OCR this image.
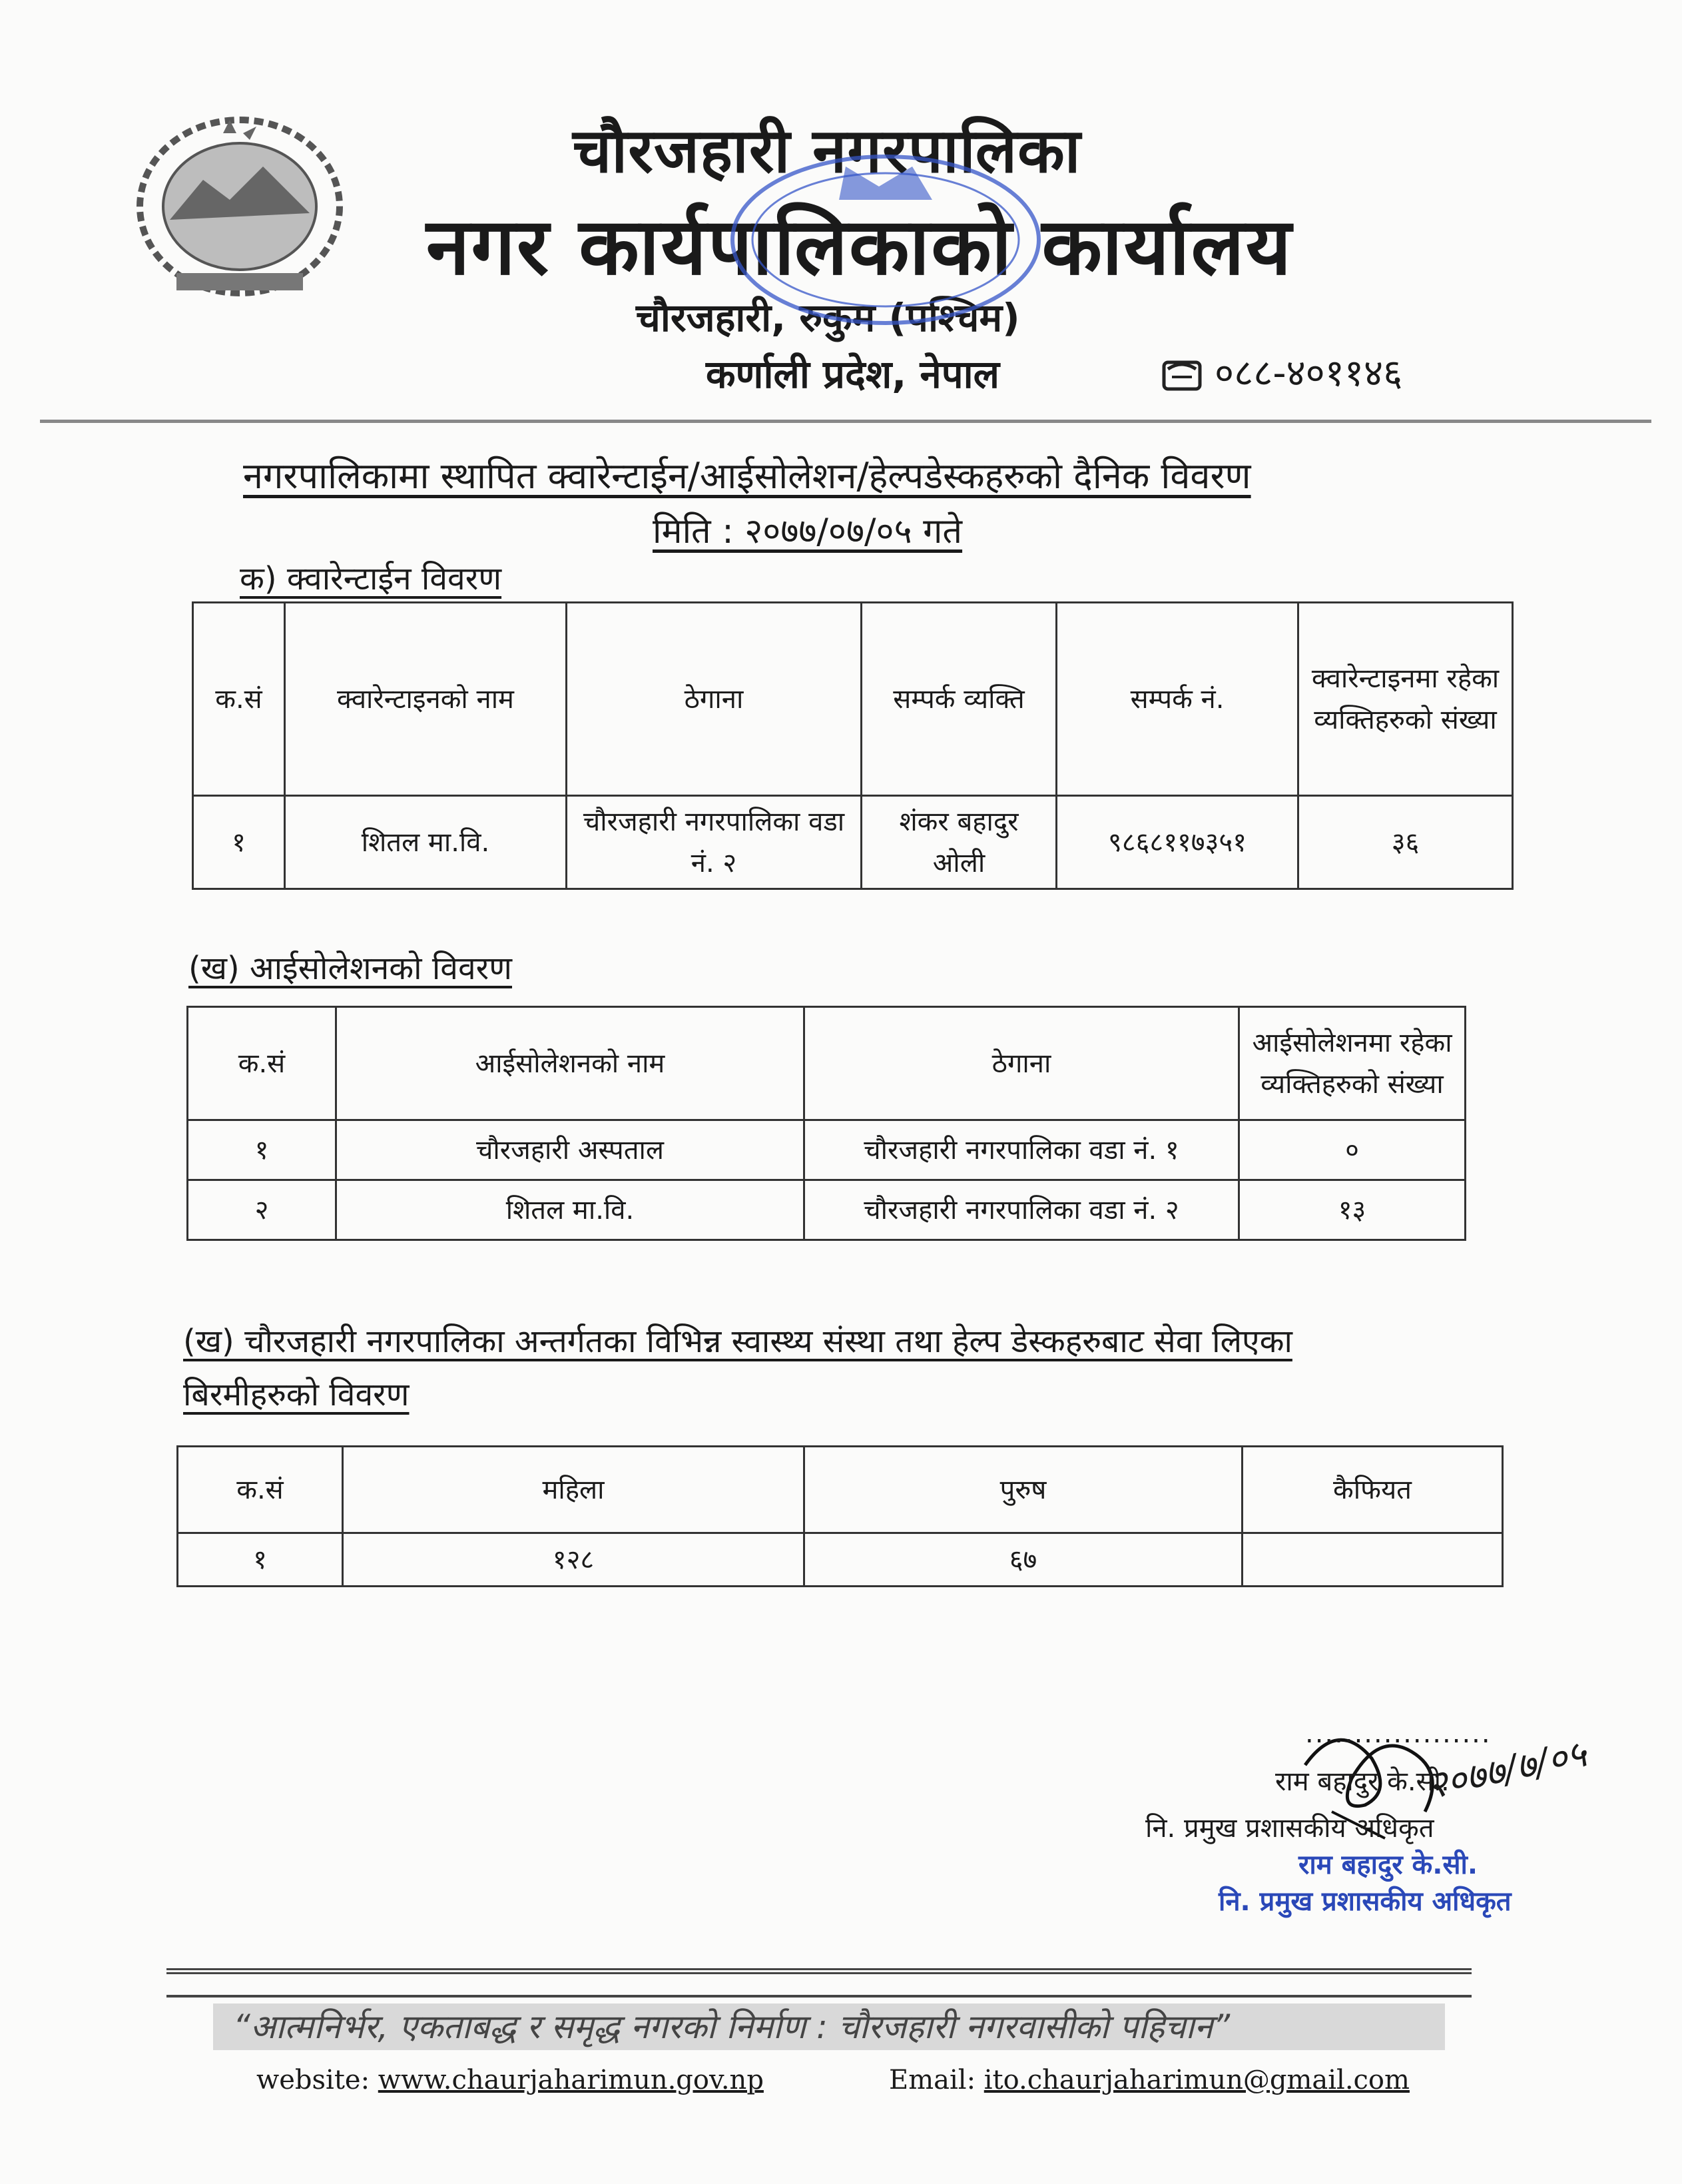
चौरजहारी नगरपालिका
नगर कार्यपालिकाको कार्यालय
चौरजहारी, रुकुम (पश्चिम)
कर्णाली प्रदेश, नेपाल	०८८-४०११४६
नगरपालिकामा स्थापित क्वारेन्टाईन/आईसोलेशन/हेल्पडेस्कहरुको दैनिक विवरण
मिति : २०७७/०७/०५ गते
क) क्वारेन्टाईन विवरण
क.सं	क्वारेन्टाइनको नाम	ठेगाना	सम्पर्क व्यक्ति	सम्पर्क नं.	क्वारेन्टाइनमा रहेका व्यक्तिहरुको संख्या
१	शितल मा.वि.	चौरजहारी नगरपालिका वडा नं. २	शंकर बहादुर ओली	९८६८११७३५१	३६
(ख) आईसोलेशनको विवरण
क.सं	आईसोलेशनको नाम	ठेगाना	आईसोलेशनमा रहेका व्यक्तिहरुको संख्या
१	चौरजहारी अस्पताल	चौरजहारी नगरपालिका वडा नं. १	०
२	शितल मा.वि.	चौरजहारी नगरपालिका वडा नं. २	१३
(ख) चौरजहारी नगरपालिका अन्तर्गतका विभिन्न स्वास्थ्य संस्था तथा हेल्प डेस्कहरुबाट सेवा लिएका
बिरमीहरुको विवरण
क.सं	महिला	पुरुष	कैफियत
१	१२८	६७	
...................
राम बहादुर के.सी.
नि. प्रमुख प्रशासकीय अधिकृत
२०७७/७/०५
राम बहादुर के.सी.
नि. प्रमुख प्रशासकीय अधिकृत
“आत्मनिर्भर, एकताबद्ध र समृद्ध नगरको निर्माण : चौरजहारी नगरवासीको पहिचान”
website: www.chaurjaharimun.gov.np	Email: ito.chaurjaharimun@gmail.com
